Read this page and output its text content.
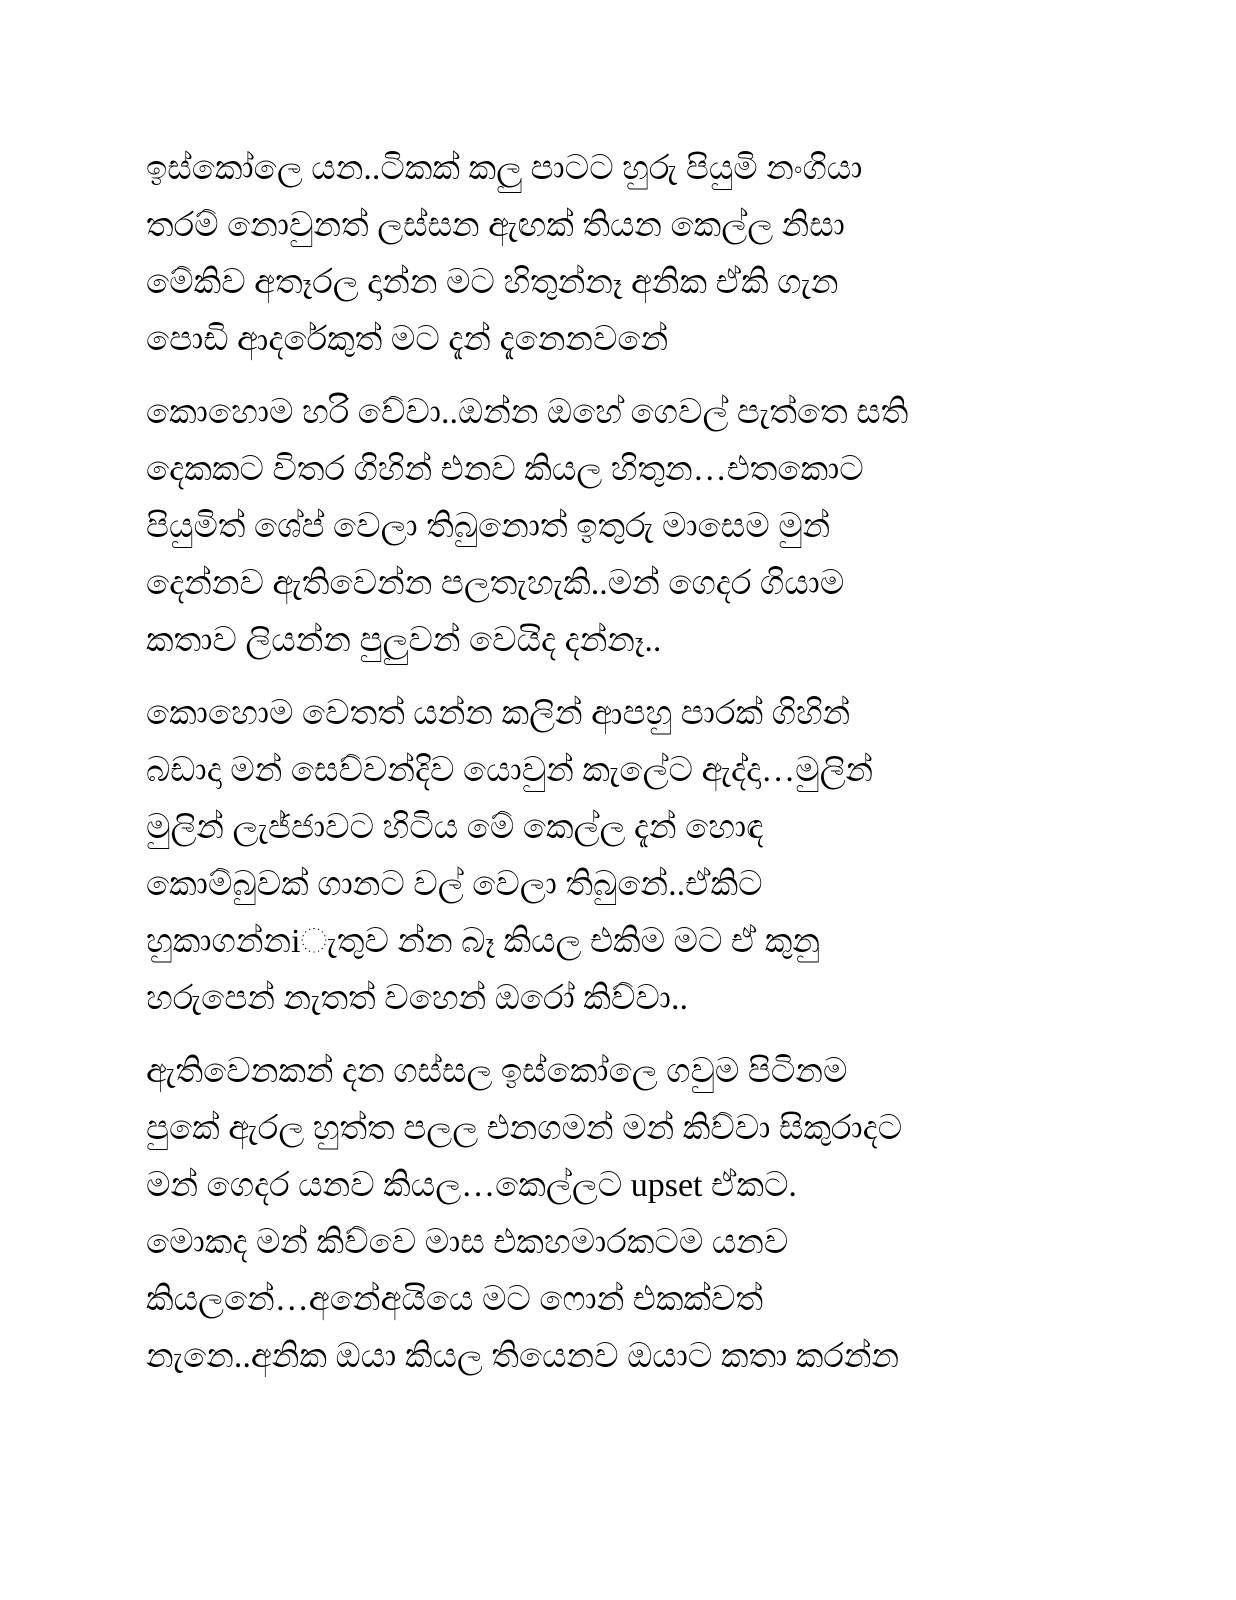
ඉස්කෝලෙ යන..ටිකක් කලු පාටට හුරු පියුමි නංගියා
තරම් නොවුනත් ලස්සන ඇඟක් තියන කෙල්ල නිසා
මේකිව අතෑරල දාන්න මට හිතුන්නෑ අනික ඒකි ගැන
පොඩි ආදරේකුත් මට දැන් දැනෙනවනේ

කොහොම හරි වේවා..ඔන්න ඔහේ ගෙවල් පැත්තෙ සති
දෙකකට විතර ගිහින් එනව කියල හිතුන…එතකොට
පියුමිත් ශේප් වෙලා තිබුනොත් ඉතුරු මාසෙම මුන්
දෙන්නව ඇතිවෙන්න පලතැහැකි..මන් ගෙදර ගියාම
කතාව ලියන්න පුලුවන් වෙයිද දන්නෑ..

කොහොම වෙතත් යන්න කලින් ආපහු පාරක් ගිහින්
බඩාදා මන් සෙව්වන්දිව යොවුන් කැලේට ඇද්දා…මුලින්
මුලින් ලැජ්ජාවට හිටිය මේ කෙල්ල දැන් හොඳ
කොම්බුවක් ගානට වල් වෙලා තිබුනේ..ඒකිට
හුකාගන්නiැතුව න්න බෑ කියල එකිම මට ඒ කුනු
හරුපෙන් නැතත් වහෙන් ඔරෝ කිව්වා..

ඇතිවෙනකන් දන ගස්සල ඉස්කෝලෙ ගවුම පිටිනම
පුකේ ඇරල හුත්ත පලල එනගමන් මන් කිව්වා සිකුරාදට
මන් ගෙදර යනව කියල…කෙල්ලට upset ඒකට.
මොකද මන් කිව්වෙ මාස එකහමාරකටම යනව
කියලනේ…අනේඅයියෙ මට ෆොන් එකක්වත්
නැනෙ..අනික ඔයා කියල තියෙනව ඔයාට කතා කරන්න
